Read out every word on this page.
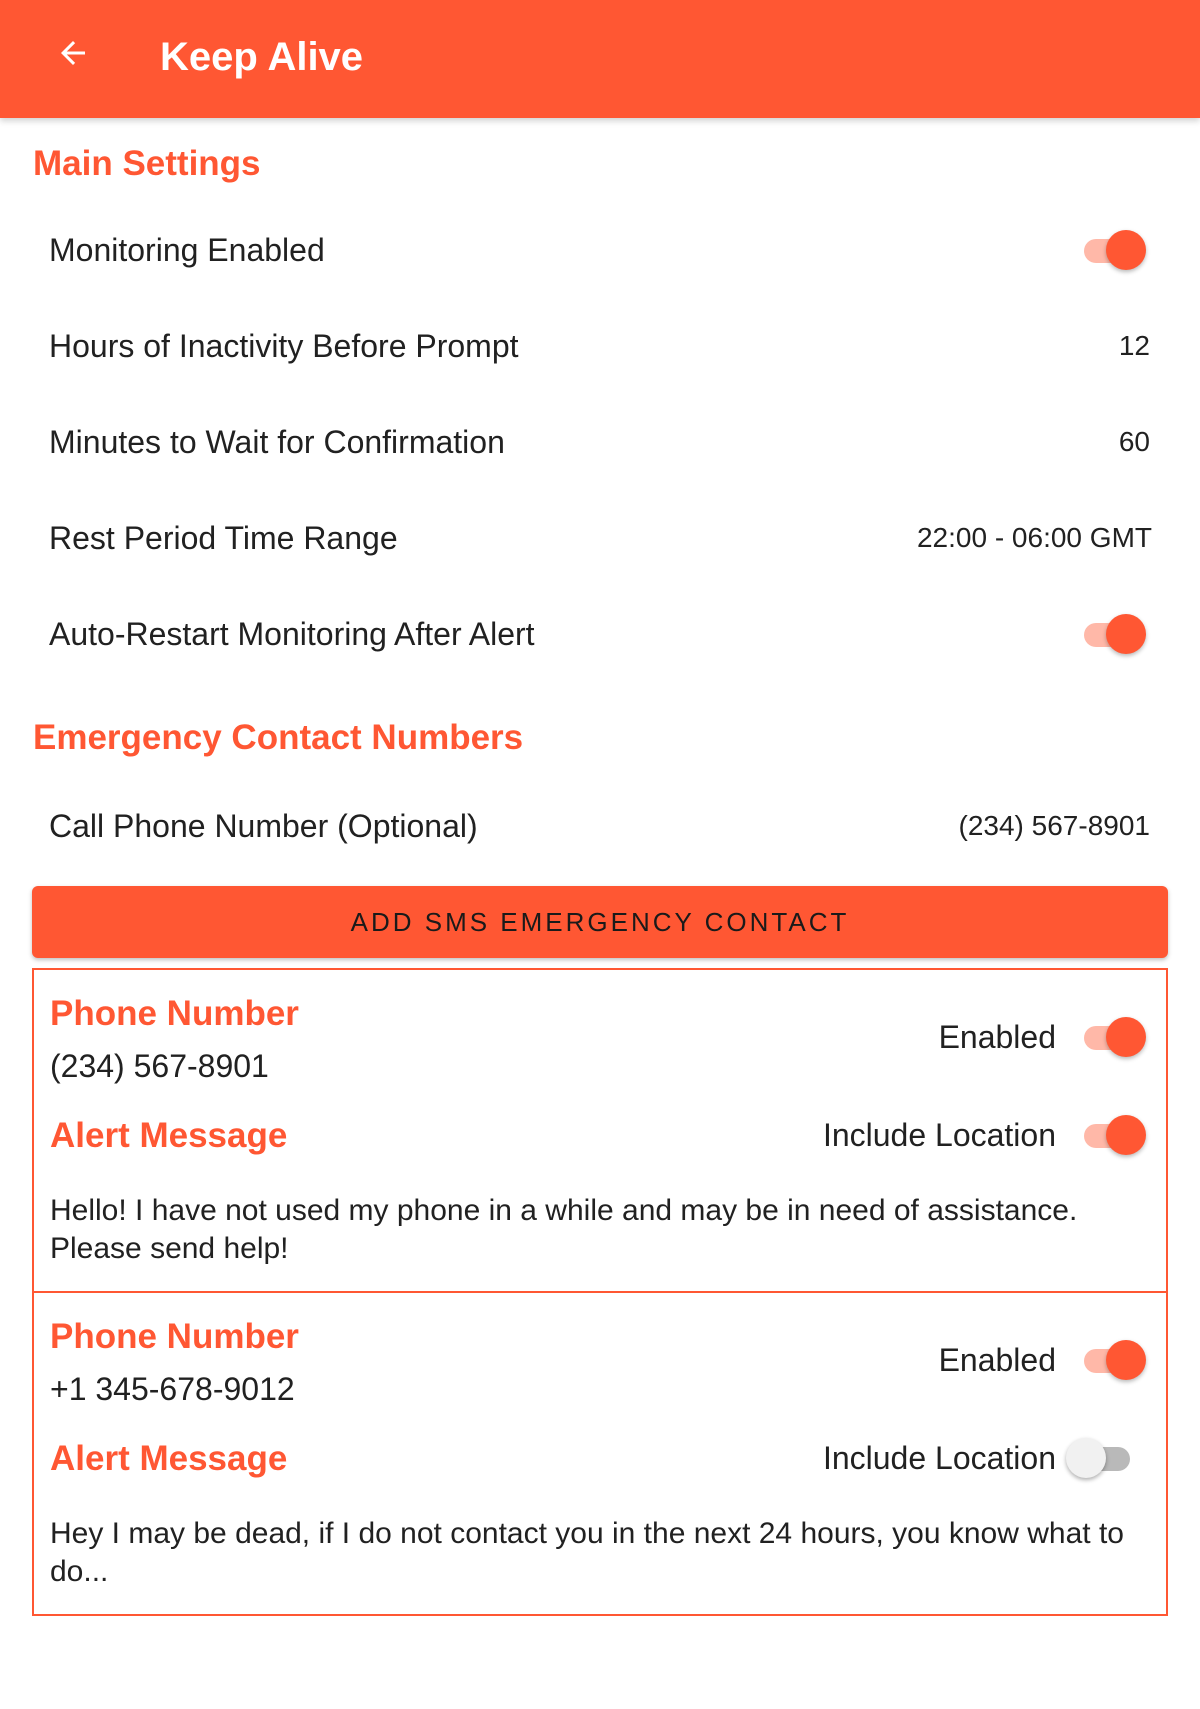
Keep Alive
Main Settings
Monitoring Enabled
Hours of Inactivity Before Prompt	12
Minutes to Wait for Confirmation	60
Rest Period Time Range	22:00 - 06:00 GMT
Auto-Restart Monitoring After Alert
Emergency Contact Numbers
Call Phone Number (Optional)	(234) 567-8901
ADD SMS EMERGENCY CONTACT
Phone Number
(234) 567-8901
Enabled
Alert Message	Include Location
Hello! I have not used my phone in a while and may be in need of assistance. Please send help!
Phone Number
+1 345-678-9012
Enabled
Alert Message	Include Location
Hey I may be dead, if I do not contact you in the next 24 hours, you know what to do...
